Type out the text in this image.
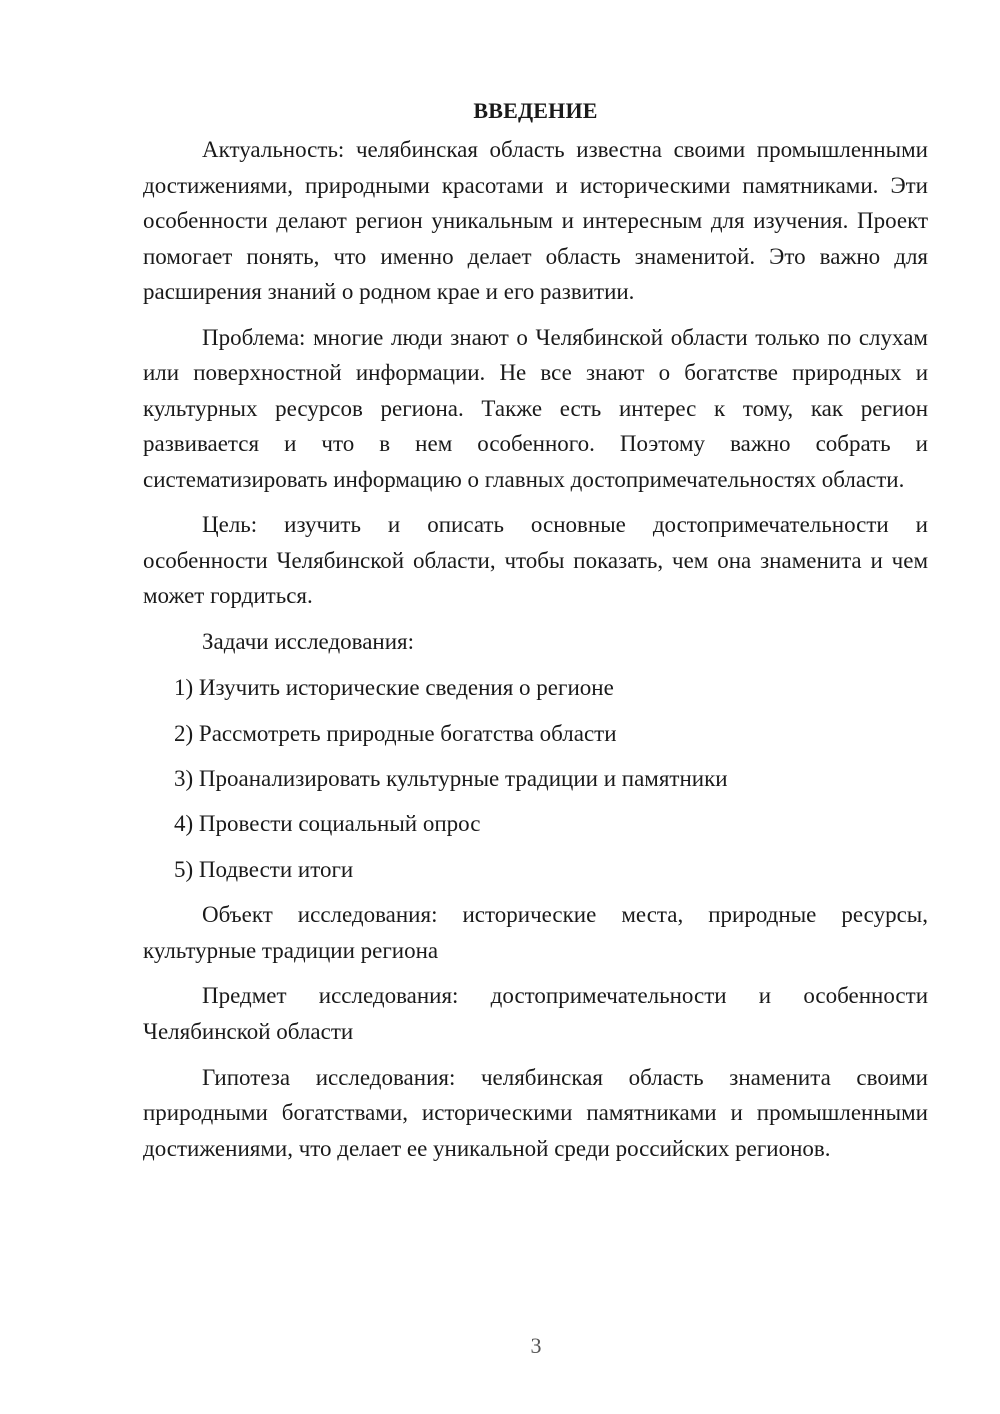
ВВЕДЕНИЕ

Актуальность: челябинская область известна своими промышленными достижениями, природными красотами и историческими памятниками. Эти особенности делают регион уникальным и интересным для изучения. Проект помогает понять, что именно делает область знаменитой. Это важно для расширения знаний о родном крае и его развитии.

Проблема: многие люди знают о Челябинской области только по слухам или поверхностной информации. Не все знают о богатстве природных и культурных ресурсов региона. Также есть интерес к тому, как регион развивается и что в нем особенного. Поэтому важно собрать и систематизировать информацию о главных достопримечательностях области.

Цель: изучить и описать основные достопримечательности и особенности Челябинской области, чтобы показать, чем она знаменита и чем может гордиться.

Задачи исследования:

1) Изучить исторические сведения о регионе
2) Рассмотреть природные богатства области
3) Проанализировать культурные традиции и памятники
4) Провести социальный опрос
5) Подвести итоги

Объект исследования: исторические места, природные ресурсы, культурные традиции региона

Предмет исследования: достопримечательности и особенности Челябинской области

Гипотеза исследования: челябинская область знаменита своими природными богатствами, историческими памятниками и промышленными достижениями, что делает ее уникальной среди российских регионов.

3
